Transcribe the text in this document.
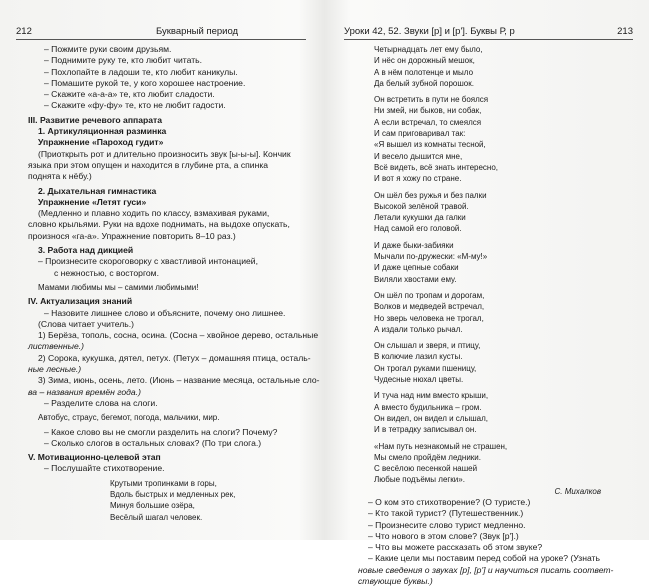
212	Букварный период
– Пожмите руки своим друзьям.
– Поднимите руку те, кто любит читать.
– Похлопайте в ладоши те, кто любит каникулы.
– Помашите рукой те, у кого хорошее настроение.
– Скажите «а-а-а» те, кто любит сладости.
– Скажите «фу-фу» те, кто не любит гадости.
III. Развитие речевого аппарата
1. Артикуляционная разминка
Упражнение «Пароход гудит»
(Приоткрыть рот и длительно произносить звук [ы-ы-ы]. Кончик
языка при этом опущен и находится в глубине рта, а спинка
поднята к нёбу.)
2. Дыхательная гимнастика
Упражнение «Летят гуси»
(Медленно и плавно ходить по классу, взмахивая руками,
словно крыльями. Руки на вдохе поднимать, на выдохе опускать,
произнося «га-а». Упражнение повторить 8–10 раз.)
3. Работа над дикцией
– Произнесите скороговорку с хвастливой интонацией,
с нежностью, с восторгом.
Мамами любимы мы – самими любимыми!
IV. Актуализация знаний
– Назовите лишнее слово и объясните, почему оно лишнее.
(Слова читает учитель.)
1) Берёза, тополь, сосна, осина. (Сосна – хвойное дерево, остальные
лиственные.)
2) Сорока, кукушка, дятел, петух. (Петух – домашняя птица, осталь-
ные лесные.)
3) Зима, июнь, осень, лето. (Июнь – название месяца, остальные сло-
ва – названия времён года.)
– Разделите слова на слоги.
Автобус, страус, бегемот, погода, мальчики, мир.
– Какое слово вы не смогли разделить на слоги? Почему?
– Сколько слогов в остальных словах? (По три слога.)
V. Мотивационно-целевой этап
– Послушайте стихотворение.
Крутыми тропинками в горы,
Вдоль быстрых и медленных рек,
Минуя большие озёра,
Весёлый шагал человек.
Уроки 42, 52. Звуки [р] и [р']. Буквы Р, р	213
Четырнадцать лет ему было,
И нёс он дорожный мешок,
А в нём полотенце и мыло
Да белый зубной порошок.
Он встретить в пути не боялся
Ни змей, ни быков, ни собак,
А если встречал, то смеялся
И сам приговаривал так:
«Я вышел из комнаты тесной,
И весело дышится мне,
Всё видеть, всё знать интересно,
И вот я хожу по стране.
Он шёл без ружья и без палки
Высокой зелёной травой.
Летали кукушки да галки
Над самой его головой.
И даже быки-забияки
Мычали по-дружески: «М-му!»
И даже цепные собаки
Виляли хвостами ему.
Он шёл по тропам и дорогам,
Волков и медведей встречал,
Но зверь человека не трогал,
А издали только рычал.
Он слышал и зверя, и птицу,
В колючие лазил кусты.
Он трогал руками пшеницу,
Чудесные нюхал цветы.
И туча над ним вместо крыши,
А вместо будильника – гром.
Он видел, он видел и слышал,
И в тетрадку записывал он.
«Нам путь незнакомый не страшен,
Мы смело пройдём ледники.
С весёлою песенкой нашей
Любые подъёмы легки».
С. Михалков
– О ком это стихотворение? (О туристе.)
– Кто такой турист? (Путешественник.)
– Произнесите слово турист медленно.
– Что нового в этом слове? (Звук [р'].)
– Что вы можете рассказать об этом звуке?
– Какие цели мы поставим перед собой на уроке? (Узнать
новые сведения о звуках [р], [р'] и научиться писать соответ-
ствующие буквы.)
